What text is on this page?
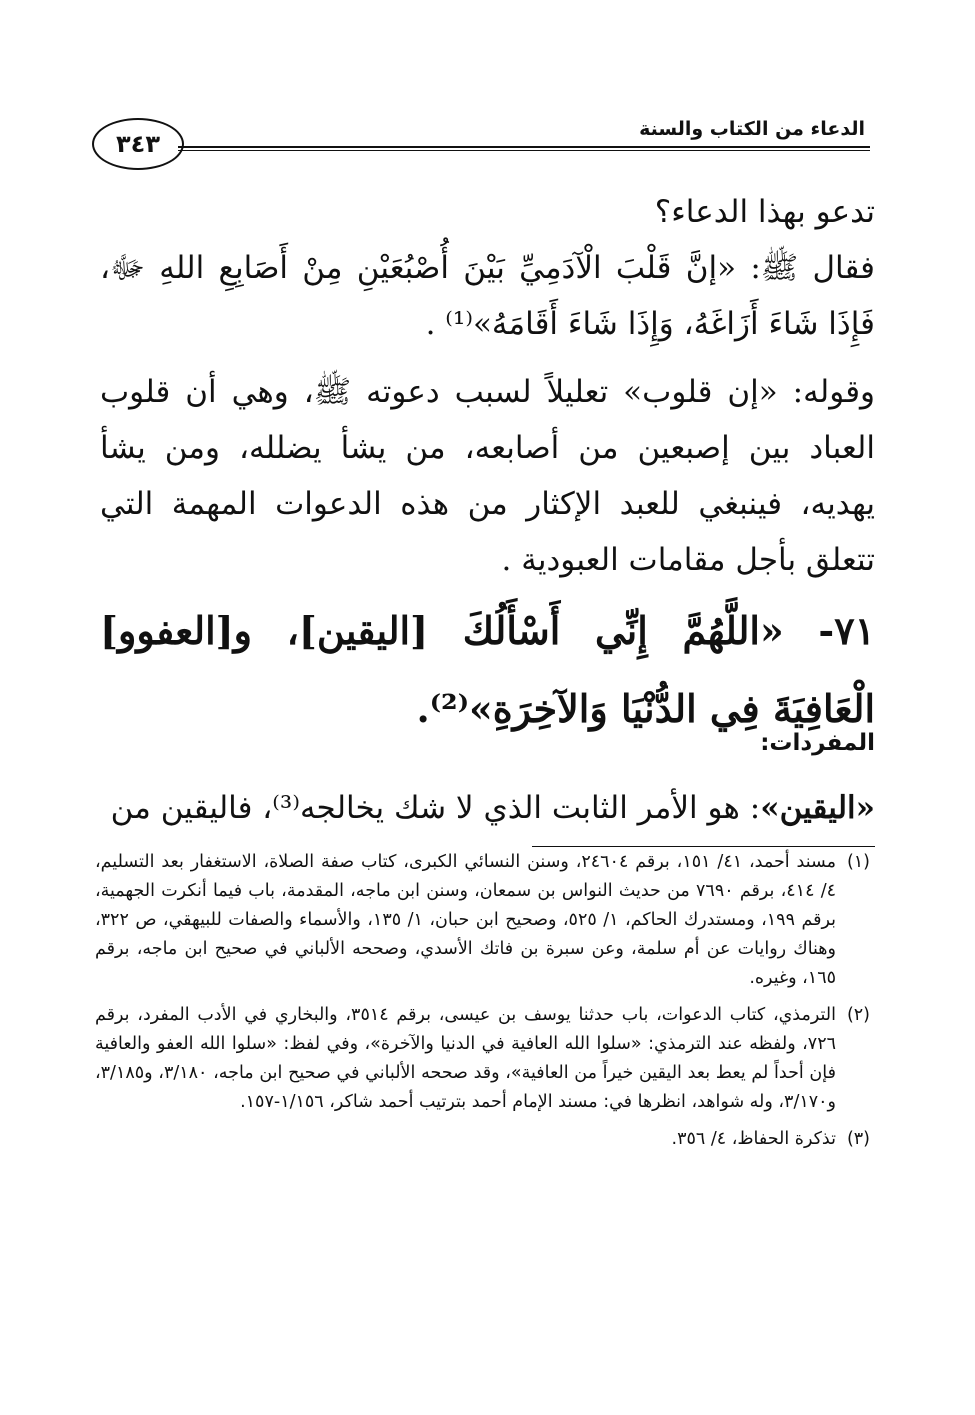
الدعاء من الكتاب والسنة
٣٤٣
تدعو بهذا الدعاء؟
فقال ﷺ: «إنَّ قَلْبَ الْآدَمِيِّ بَيْنَ أُصْبُعَيْنِ مِنْ أَصَابِعِ اللهِ ﷻ، فَإِذَا شَاءَ أَزَاغَهُ، وَإِذَا شَاءَ أَقَامَهُ»⁽¹⁾ .
وقوله: «إن قلوب» تعليلاً لسبب دعوته ﷺ، وهي أن قلوب العباد بين إصبعين من أصابعه، من يشأ يضلله، ومن يشأ يهديه، فينبغي للعبد الإكثار من هذه الدعوات المهمة التي تتعلق بأجل مقامات العبودية .
٧١- «اللَّهُمَّ إِنِّي أَسْأَلُكَ [اليقين]، و[العفوو] الْعَافِيَةَ فِي الدُّنْيَا وَالآخِرَةِ»⁽²⁾.
المفردات:
«اليقين»: هو الأمر الثابت الذي لا شك يخالجه⁽³⁾، فاليقين من

(١)
مسند أحمد، ٤١/ ١٥١، برقم ٢٤٦٠٤، وسنن النسائي الكبرى، كتاب صفة الصلاة، الاستغفار بعد التسليم، ٤/ ٤١٤، برقم ٧٦٩٠ من حديث النواس بن سمعان، وسنن ابن ماجه، المقدمة، باب فيما أنكرت الجهمية، برقم ١٩٩، ومستدرك الحاكم، ١/ ٥٢٥، وصحيح ابن حبان، ١/ ١٣٥، والأسماء والصفات للبيهقي، ص ٣٢٢، وهناك روايات عن أم سلمة، وعن سبرة بن فاتك الأسدي، وصححه الألباني في صحيح ابن ماجه، برقم ١٦٥، وغيره.

(٢)
الترمذي، كتاب الدعوات، باب حدثنا يوسف بن عيسى، برقم ٣٥١٤، والبخاري في الأدب المفرد، برقم ٧٢٦، ولفظه عند الترمذي: «سلوا الله العافية في الدنيا والآخرة»، وفي لفظ: «سلوا الله العفو والعافية فإن أحداً لم يعط بعد اليقين خيراً من العافية»، وقد صححه الألباني في صحيح ابن ماجه، ٣/١٨٠، و٣/١٨٥، و٣/١٧٠، وله شواهد، انظرها في: مسند الإمام أحمد بترتيب أحمد شاكر، ١/١٥٦-١٥٧.

(٣)
تذكرة الحفاظ، ٤/ ٣٥٦.
